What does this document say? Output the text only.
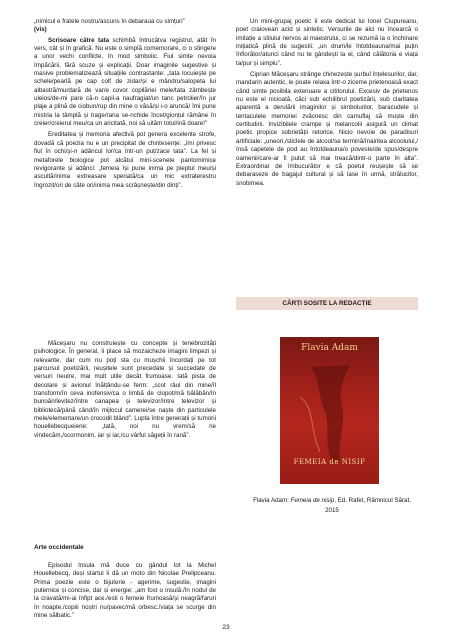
„nimicul e fratele nostru/ascuns în debaraua cu simțuri”

(vis)

Scrisoare către tata schimbă întrucâtva registrul, atât în vers, cât și în grafică. Nu este o simplă comemorare, ci o stingere a unor vechi conflicte, în mod simbolic. Fiul simte nevoia împăcării, fără scuze și explicații. Doar imaginile sugestive și masive problematizează situațiile contrastante: „tata locuiește pe schele/pearlă pe cap colf de zidar/și e mândru/salopeta lui albastră/murdară de var/e covor copilăriei mele/tata zâmbește uleios/de-mi pare că-n capil-a naufragiat/un tanc petrolier/în jur plaje a plină de ciobun/rup din mine o văsă/și i-o aruncă/ îmi pune mistria la tâmplă și trage/rana se-nchide încet/gionțul rămâne în creier/creierul meu/ca un aricitată, noi să uităm totul/ină doare!”

Ereditatea și memoria afectivă pot genera excelente strofe, dovadă că poezia nu e un precipitat de chintesențe: „îmi privesc fiul în ochi/și-n adâncul lor/ca într-un puț/zace tata”. La fel și metaforele biologice pot alcătui mini-scenete pantomimice revigorante și adânci: „femeia își pune inima pe pieptul meu/și ascultă/inima extreasare speriată/ca un mic extraterestru îngrozit/ori de câte ori/inima mea scrâșnește/din dinți”.

Măceșaru nu construiește cu concepte și tenebrozități psihologice. În general, îi place să mozaicheze imagini limpezi și relevante, dar cum nu poți sta cu mușchii încordați pe tot parcursul poetizării, reușitele sunt precedate și succedate de versuri neutre, mai mult utile decât frumoase. Iată pista de decolare și avionul înălțându-se ferm: „scot râul din mine/îl transform/în ceva inofensiv/ca o limbă de clopot/mă bălăbăn/în bunoăn/levitez/între canapea și televizor/între televizor și bibliotecă/până când/în mijlocul camerei/se naște din particulele mele/elementare/un crocodil blând”. Lupta între generații și tumorii houellebecqueiene: „tată, noi nu vrem/să ne vindecăm,/scormonim, iar și iar,/cu vârful săgeții în rană”.

Arte occidentale

Episodul Insula mă duce cu gândul tot la Michel Houellebecq, deși startul îi dă un moto din Nicolae Prelipceanu. Prima poezie este o bijuterie - agerime, sugestie, imagini puternice și concise, dar și energie: „am fost o insulă./în nodul de la cravată/mi-ai înfipt ace./esti o femeie frumoasă/și neagră/faruri în noapte,/copiii noștri nu/pavec/mă orbesc./viața se scurge din mine sălbatic.”

Un mini-grupaj poetic îi este dedicat lui Ionel Ciupureanu, poet craiovean acid și sintetic. Versurile de aici nu încearcă o imitație a stilului nervos al maestrului, ci se rezumă la o închinare inițiatică plină de sugestii: „un drum/le întotdeauna/mai puțin înfiorător/atunci când nu te gândești la el, când călătoria e viața ta/pur și simplu”.

Ciprian Măceșaru strânge chinezește șurbul înțelesurilor, dar, mandarin autentic, le poate relaxa într-o ziceme prietenoasă exact când simte posibila extenuare a cititorului. Excesiv de prietenos nu este el nicioată, căci sub echilibrul poetizării, sub claritatea aparentă a derulării imaginilor și simbolurilor, baracudele și tentaculele memoriei zvâcnesc din camuflaj să muște din certitudini. Invizibilele crampe și melancolii asigură un climat poetic propice sobrietății retorice. Nicio nevoie de paradisuri artificiale: „uneori,/sticlele de alcool/se termină/înaintea alcoolului,/însă capetele de pod au întotdeauna/o poveste/de spus/despre oamenii/care-ar fi putut să mai treacă/dintr-o parte în alta”. Extraordinar de îmbucurător e că poetul reușește să se debaraseze de bagajul cultural și să lase în urmă, strălucitor, snobimea.

CĂRȚI SOSITE LA REDACȚIE
Flavia Adam
FEMEIA de NISIP
Flavia Adam: Femeia de nisip, Ed. Rafet, Râmnicul Sărat, 2015
23
